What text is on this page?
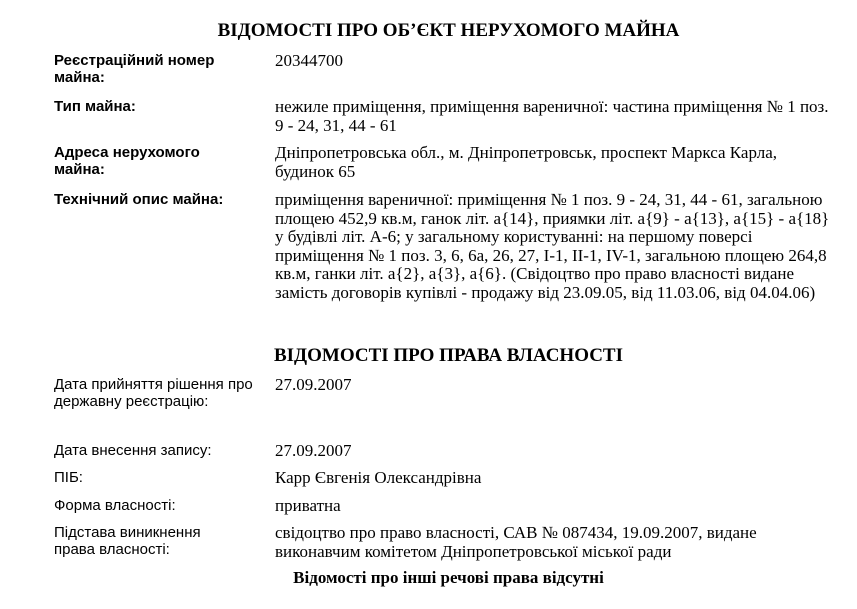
ВІДОМОСТІ ПРО ОБ’ЄКТ НЕРУХОМОГО МАЙНА
Реєстраційний номер майна:
20344700
Тип майна:	нежиле приміщення, приміщення вареничної: частина приміщення № 1 поз. 9 - 24, 31, 44 - 61
Адреса нерухомого майна:
Дніпропетровська обл., м. Дніпропетровськ, проспект Маркса Карла, будинок 65
Технічний опис майна:	приміщення вареничної: приміщення № 1 поз. 9 - 24, 31, 44 - 61, загальною площею 452,9 кв.м, ганок літ. а{14}, приямки літ. а{9} - а{13}, а{15} - а{18} у будівлі літ. А-6; у загальному користуванні: на першому поверсі приміщення № 1 поз. 3, 6, 6а, 26, 27, І-1, ІІ-1, IV-1, загальною площею 264,8 кв.м, ганки літ. а{2}, а{3}, а{6}. (Свідоцтво про право власності видане замість договорів купівлі - продажу від 23.09.05, від 11.03.06, від 04.04.06)
ВІДОМОСТІ ПРО ПРАВА ВЛАСНОСТІ
Дата прийняття рішення про державну реєстрацію:
27.09.2007
Дата внесення запису:	27.09.2007
ПІБ:	Карр Євгенія Олександрівна
Форма власності:	приватна
Підстава виникнення права власності:
свідоцтво про право власності, САВ № 087434, 19.09.2007, видане виконавчим комітетом Дніпропетровської міської ради
Відомості про інші речові права відсутні
